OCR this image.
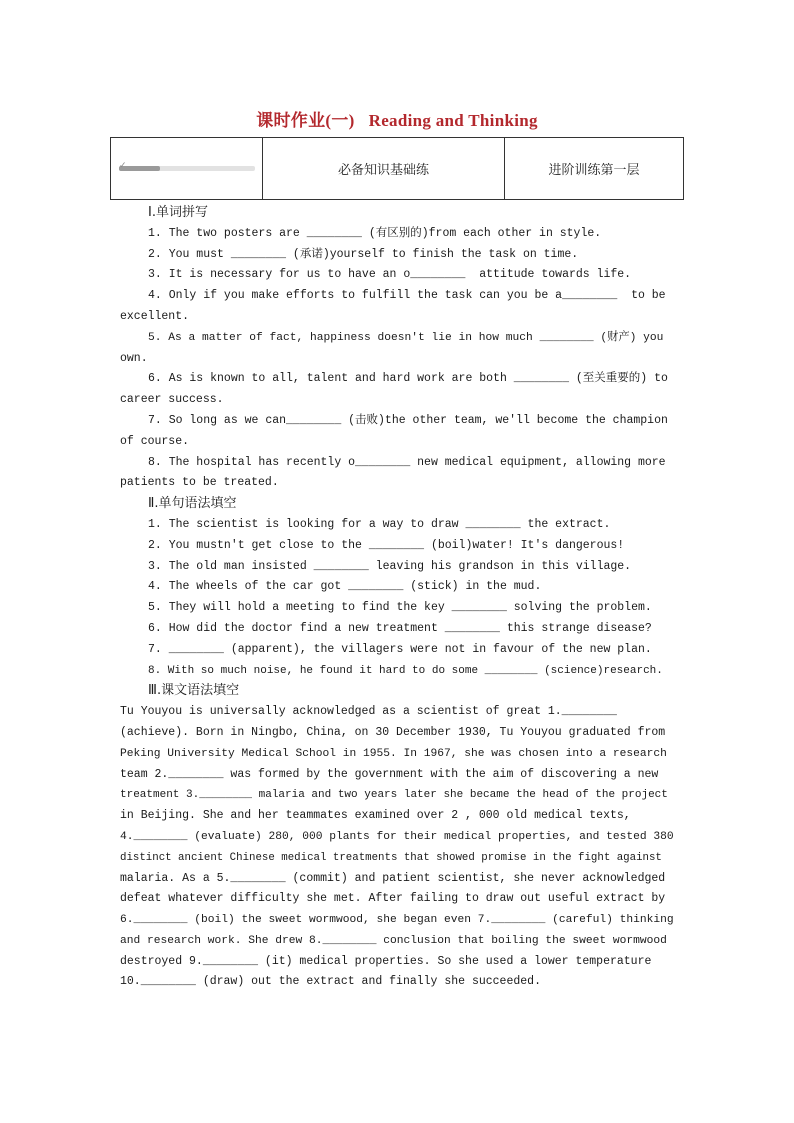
课时作业(一) Reading and Thinking
✓	必备知识基础练	进阶训练第一层
Ⅰ.单词拼写
1. The two posters are ________ (有区别的)from each other in style.
2. You must ________ (承诺)yourself to finish the task on time.
3. It is necessary for us to have an o________  attitude towards life.
4. Only if you make efforts to fulfill the task can you be a________  to be
excellent.
5. As a matter of fact, happiness doesn't lie in how much ________ (财产) you
own.
6. As is known to all, talent and hard work are both ________ (至关重要的) to
career success.
7. So long as we can________ (击败)the other team, we'll become the champion
of course.
8. The hospital has recently o________ new medical equipment, allowing more
patients to be treated.
Ⅱ.单句语法填空
1. The scientist is looking for a way to draw ________ the extract.
2. You mustn't get close to the ________ (boil)water! It's dangerous!
3. The old man insisted ________ leaving his grandson in this village.
4. The wheels of the car got ________ (stick) in the mud.
5. They will hold a meeting to find the key ________ solving the problem.
6. How did the doctor find a new treatment ________ this strange disease?
7. ________ (apparent), the villagers were not in favour of the new plan.
8. With so much noise, he found it hard to do some ________ (science)research.
Ⅲ.课文语法填空
Tu Youyou is universally acknowledged as a scientist of great 1.________
(achieve). Born in Ningbo, China, on 30 December 1930, Tu Youyou graduated from
Peking University Medical School in 1955. In 1967, she was chosen into a research
team 2.________ was formed by the government with the aim of discovering a new
treatment 3.________ malaria and two years later she became the head of the project
in Beijing. She and her teammates examined over 2 , 000 old medical texts,
4.________ (evaluate) 280, 000 plants for their medical properties, and tested 380
distinct ancient Chinese medical treatments that showed promise in the fight against
malaria. As a 5.________ (commit) and patient scientist, she never acknowledged
defeat whatever difficulty she met. After failing to draw out useful extract by
6.________ (boil) the sweet wormwood, she began even 7.________ (careful) thinking
and research work. She drew 8.________ conclusion that boiling the sweet wormwood
destroyed 9.________ (it) medical properties. So she used a lower temperature
10.________ (draw) out the extract and finally she succeeded.
